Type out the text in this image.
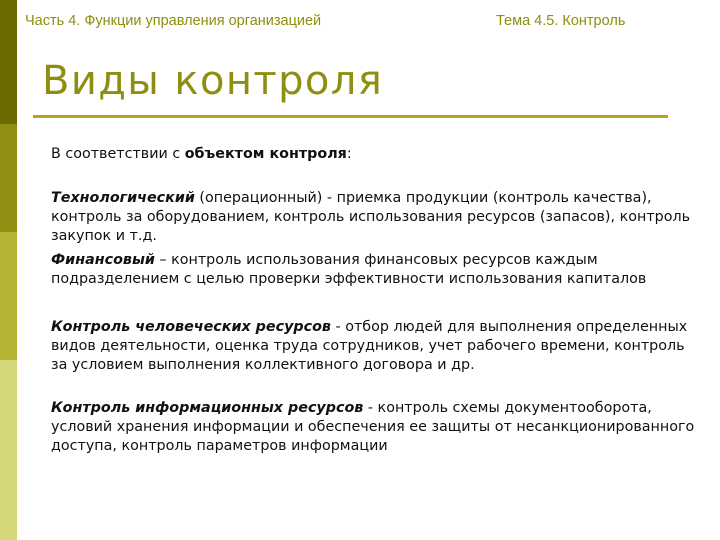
Часть 4. Функции управления организацией	Тема 4.5. Контроль
Виды контроля

В соответствии с объектом контроля:

Технологический (операционный) - приемка продукции (контроль качества), контроль за оборудованием, контроль использования ресурсов (запасов), контроль закупок и т.д.

Финансовый – контроль использования финансовых ресурсов каждым подразделением с целью проверки эффективности использования капиталов

Контроль человеческих ресурсов - отбор людей для выполнения определенных видов деятельности, оценка труда сотрудников, учет рабочего времени, контроль за условием выполнения коллективного договора и др.

Контроль информационных ресурсов - контроль схемы документооборота, условий хранения информации и обеспечения ее защиты от несанкционированного доступа, контроль параметров информации
